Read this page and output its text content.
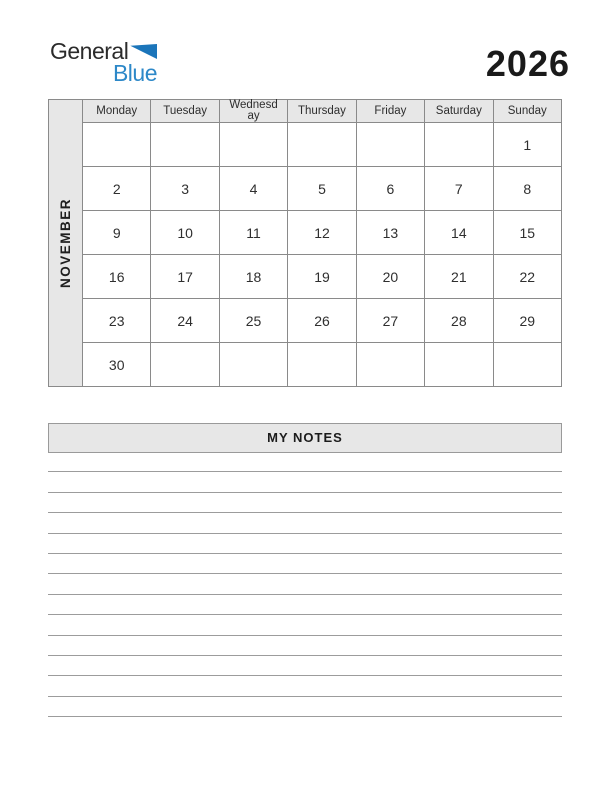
General
Blue	2026
NOVEMBER	Monday	Tuesday	Wednesday	Thursday	Friday	Saturday	Sunday
							1
	2	3	4	5	6	7	8
	9	10	11	12	13	14	15
	16	17	18	19	20	21	22
	23	24	25	26	27	28	29
	30						
MY NOTES
